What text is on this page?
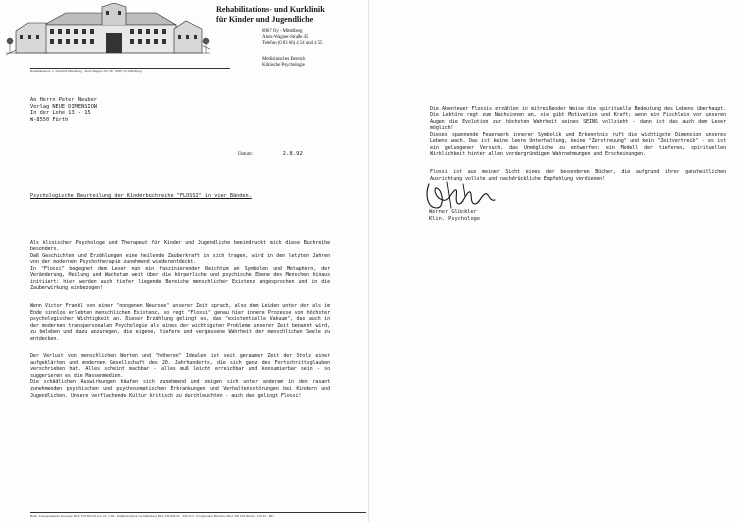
Rehabilitations- und Kurklinik
für Kinder und Jugendliche
8967 Oy - Mittelberg
Alois-Wagner-Straße 45
Telefon (0 83 66) 4 54 und 4 55
Medizinischer Bereich
Klinische Psychologie
Rehabilitations- u. Kurklinik Mittelberg · Alois-Wagner-Str. 45 · 8967 Oy-Mittelberg
An Herrn Peter Neuber
Verlag NEUE DIMENSION
In der Lohe 13 - 15
W-8550 Fürth
Datum:	2.8.92
Psychologische Beurteilung der Kinderbuchreihe "FLOSSI" in vier Bänden.

Als klinischer Psychologe und Therapeut für Kinder und Jugendliche beeindruckt mich diese Buchreihe besonders.
Daß Geschichten und Erzählungen eine heilende Zauberkraft in sich tragen, wird in den letzten Jahren von der modernen Psychotherapie zunehmend wiederentdeckt.
In "Flossi" begegnet dem Leser nun ein faszinierender Reichtum an Symbolen und Metaphern, der Veränderung, Heilung und Wachstum weit über die körperliche und psychische Ebene des Menschen hinaus initiiert: hier werden auch tiefer liegende Bereiche menschlicher Existenz angesprochen und in die Zauberwirkung einbezogen!

Wenn Victor Frankl von einer "noogenen Neurose" unserer Zeit sprach, also dem Leiden unter der als im Ende sinnlos erlebten menschlichen Existenz, so regt "Flossi" genau hier innere Prozesse von höchster psychologischer Wichtigkeit an. Dieser Erzählung gelingt es, das "existentielle Vakuum", das auch in der modernen transpersonalen Psychologie als eines der wichtigsten Probleme unserer Zeit benannt wird, zu beleben und dazu anzuregen, die eigene, tiefere und vergessene Wahrheit der menschlichen Seele zu entdecken.

Der Verlust von menschlichen Werten und "höheren" Idealen ist seit geraumer Zeit der Stolz einer aufgeklärten und modernen Gesellschaft des 20. Jahrhunderts, die sich ganz des Fortschrittsglauben verschrieben hat. Alles scheint machbar - alles muß leicht erreichbar und konsumierbar sein - so suggerieren es die Massenmedien.
Die schädlichen Auswirkungen häufen sich zunehmend und zeigen sich unter anderem in den rasant zunehmenden psychischen und psychosomatischen Erkrankungen und Verhaltensstörungen bei Kindern und Jugendlichen. Unsere verflachende Kultur kritisch zu durchleuchten - auch das gelingt Flossi!

Bank: Kreissparkasse Kempten BLZ 733 500 00 Kto.-Nr. 4 63 · Raiffeisenbank Oy-Mittelberg BLZ 733 699 52 · 200 473 · Postgiroamt München BLZ 700 100 80 Kto. 713 13 - 807

Die Abenteuer Flossis erzählen in mitreißender Weise die spirituelle Bedeutung des Lebens überhaupt. Die Lektüre regt zum Nachsinnen an, sie gibt Motivation und Kraft; wenn ein Fischlein vor unseren Augen die Evolution zur höchsten Wahrheit seines SEINS vollzieht - dann ist das auch dem Leser möglich!
Dieses spannende Feuerwerk innerer Symbolik und Erkenntnis ruft die wichtigste Dimension unseres Lebens wach. Das ist keine leere Unterhaltung, keine "Zerstreuung" und kein "Zeitvertreib" - es ist ein gelungener Versuch, das Unmögliche zu entwerfen: ein Modell der tieferen, spirituellen Wirklichkeit hinter allen vordergründigen Wahrnehmungen und Erscheinungen.

Flossi ist aus meiner Sicht eines der besonderen Bücher, die aufgrund ihrer ganzheitlichen Ausrichtung vollste und nachdrückliche Empfehlung verdienen!

Werner Glückler
Klin. Psychologe
